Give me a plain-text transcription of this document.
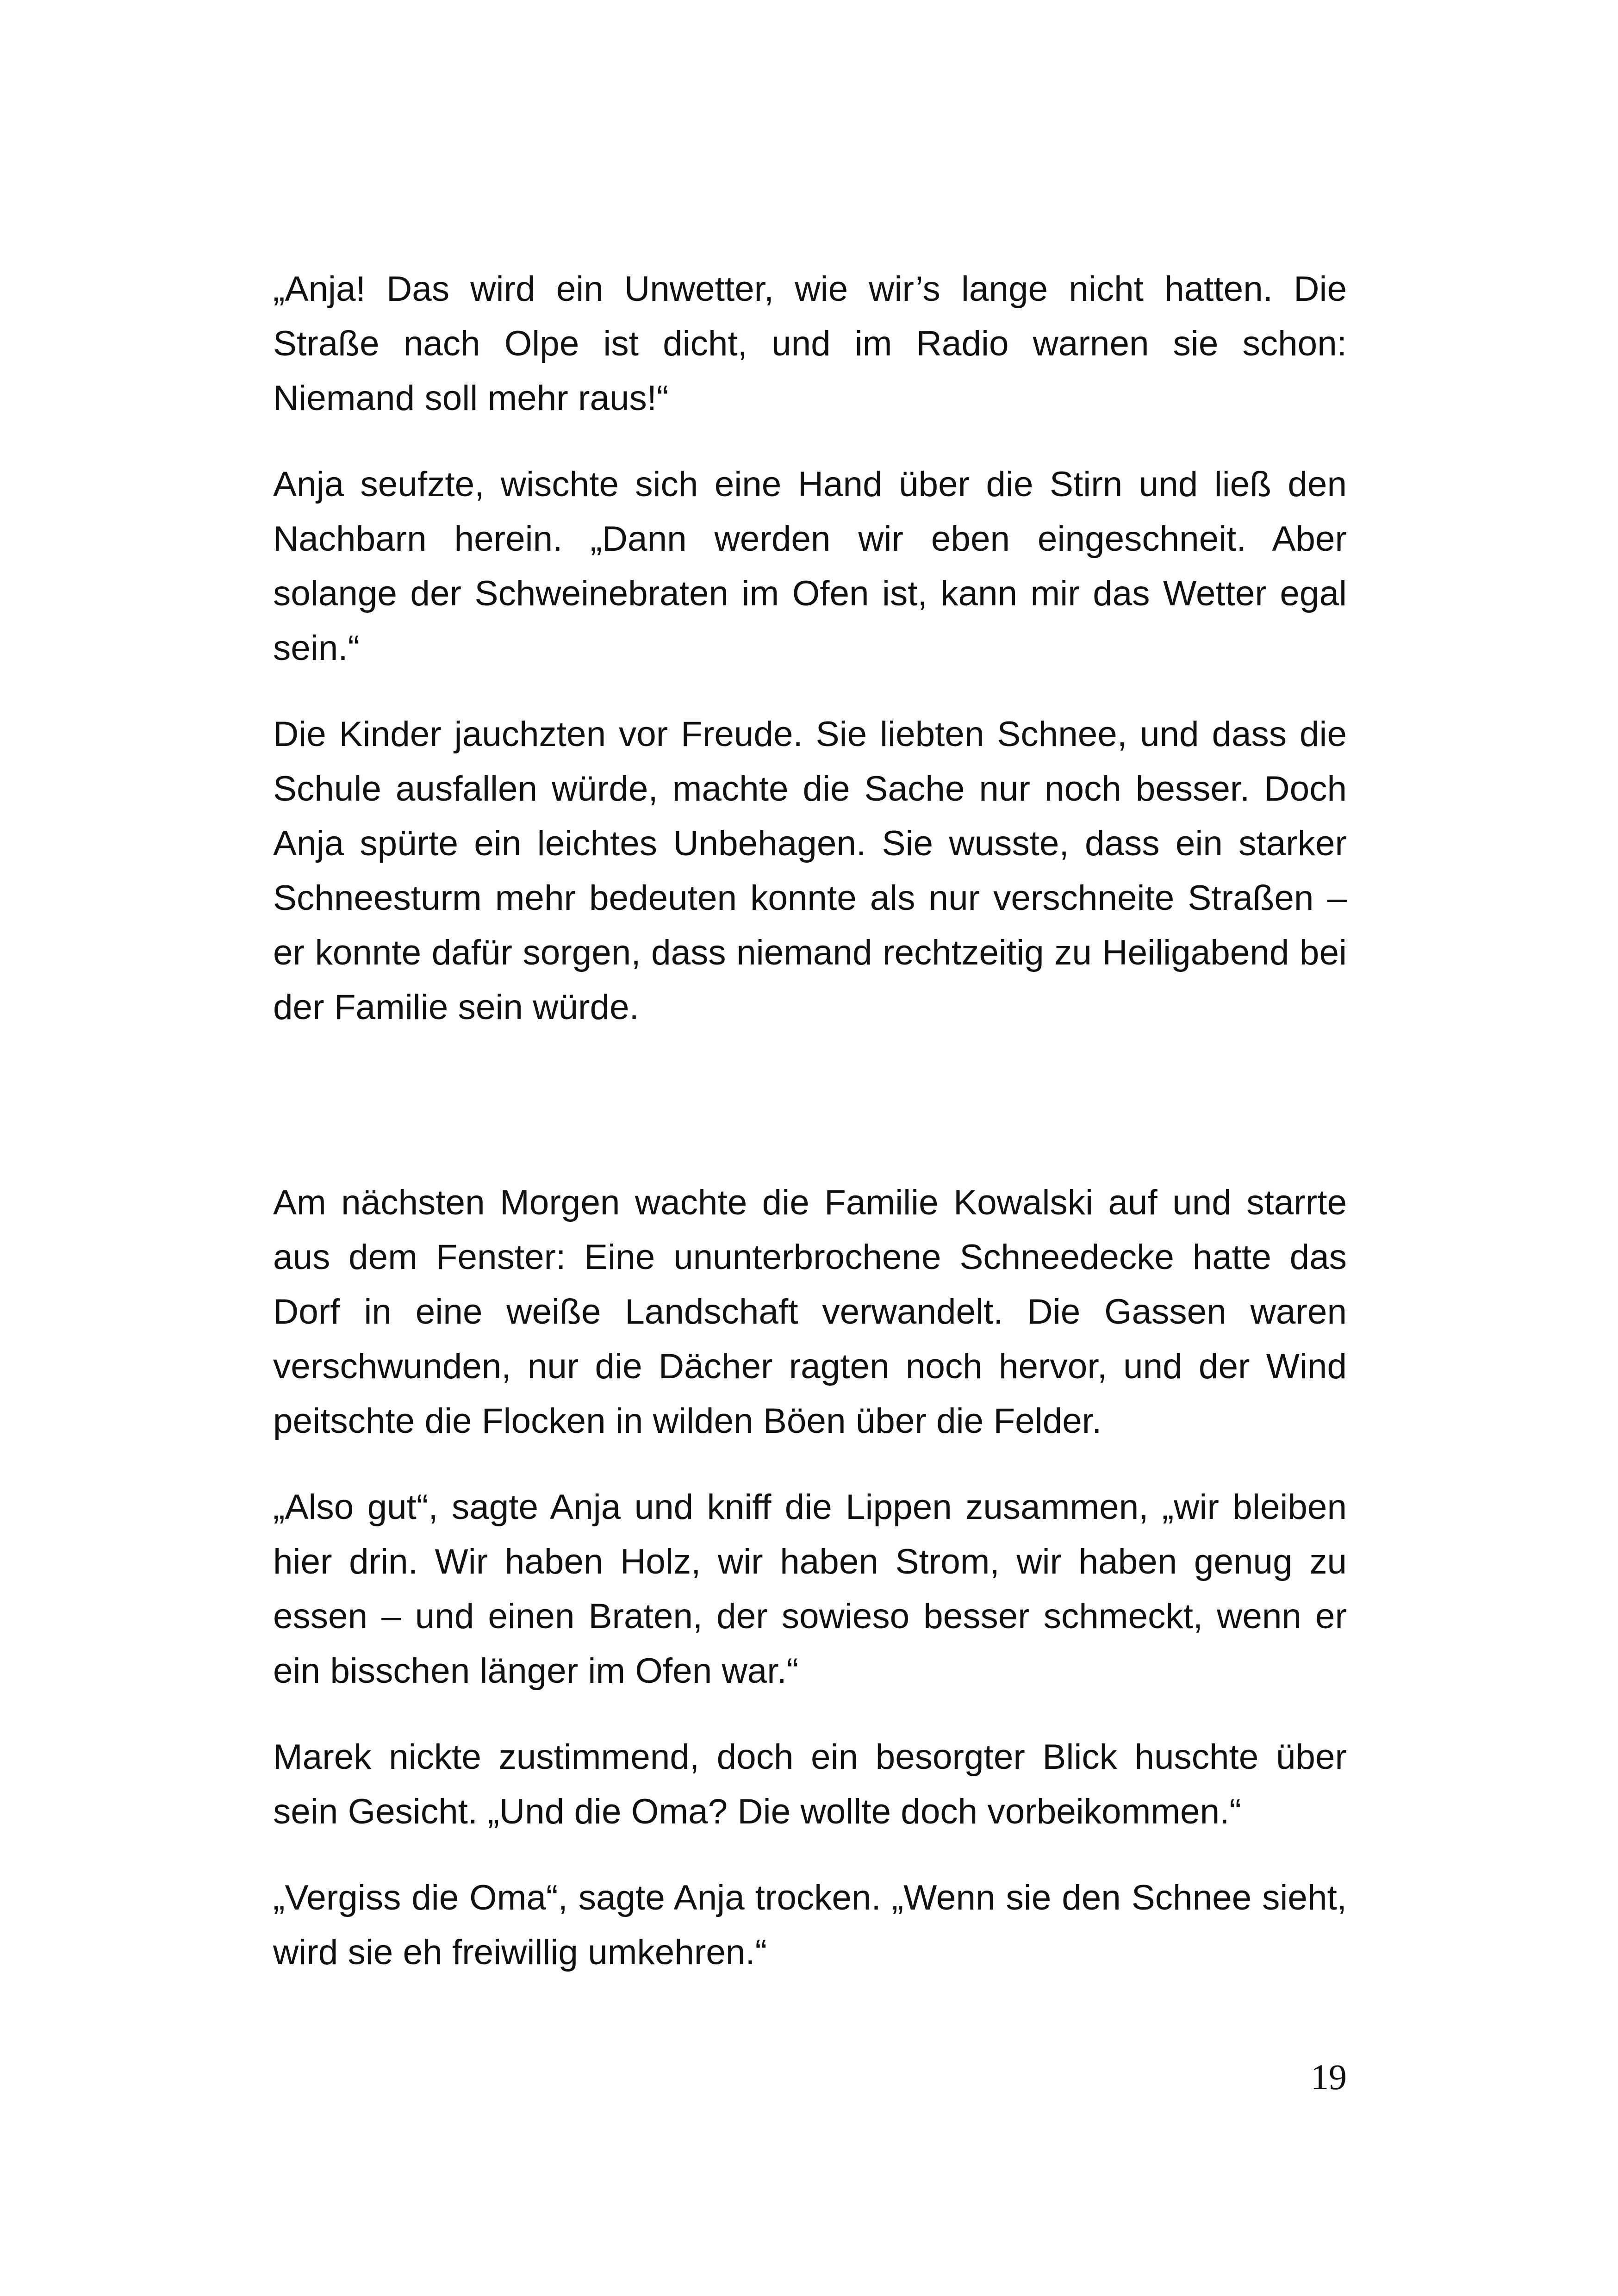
„Anja! Das wird ein Unwetter, wie wir’s lange nicht hatten. Die Straße nach Olpe ist dicht, und im Radio warnen sie schon: Niemand soll mehr raus!“

Anja seufzte, wischte sich eine Hand über die Stirn und ließ den Nachbarn herein. „Dann werden wir eben eingeschneit. Aber solange der Schweinebraten im Ofen ist, kann mir das Wetter egal sein.“

Die Kinder jauchzten vor Freude. Sie liebten Schnee, und dass die Schule ausfallen würde, machte die Sache nur noch besser. Doch Anja spürte ein leichtes Unbehagen. Sie wusste, dass ein starker Schneesturm mehr bedeuten konnte als nur verschneite Straßen – er konnte dafür sorgen, dass niemand rechtzeitig zu Heiligabend bei der Familie sein würde.

Am nächsten Morgen wachte die Familie Kowalski auf und starrte aus dem Fenster: Eine ununterbrochene Schneedecke hatte das Dorf in eine weiße Landschaft verwandelt. Die Gassen waren verschwunden, nur die Dächer ragten noch hervor, und der Wind peitschte die Flocken in wilden Böen über die Felder.

„Also gut“, sagte Anja und kniff die Lippen zusammen, „wir bleiben hier drin. Wir haben Holz, wir haben Strom, wir haben genug zu essen – und einen Braten, der sowieso besser schmeckt, wenn er ein bisschen länger im Ofen war.“

Marek nickte zustimmend, doch ein besorgter Blick huschte über sein Gesicht. „Und die Oma? Die wollte doch vorbeikommen.“

„Vergiss die Oma“, sagte Anja trocken. „Wenn sie den Schnee sieht, wird sie eh freiwillig umkehren.“

19
